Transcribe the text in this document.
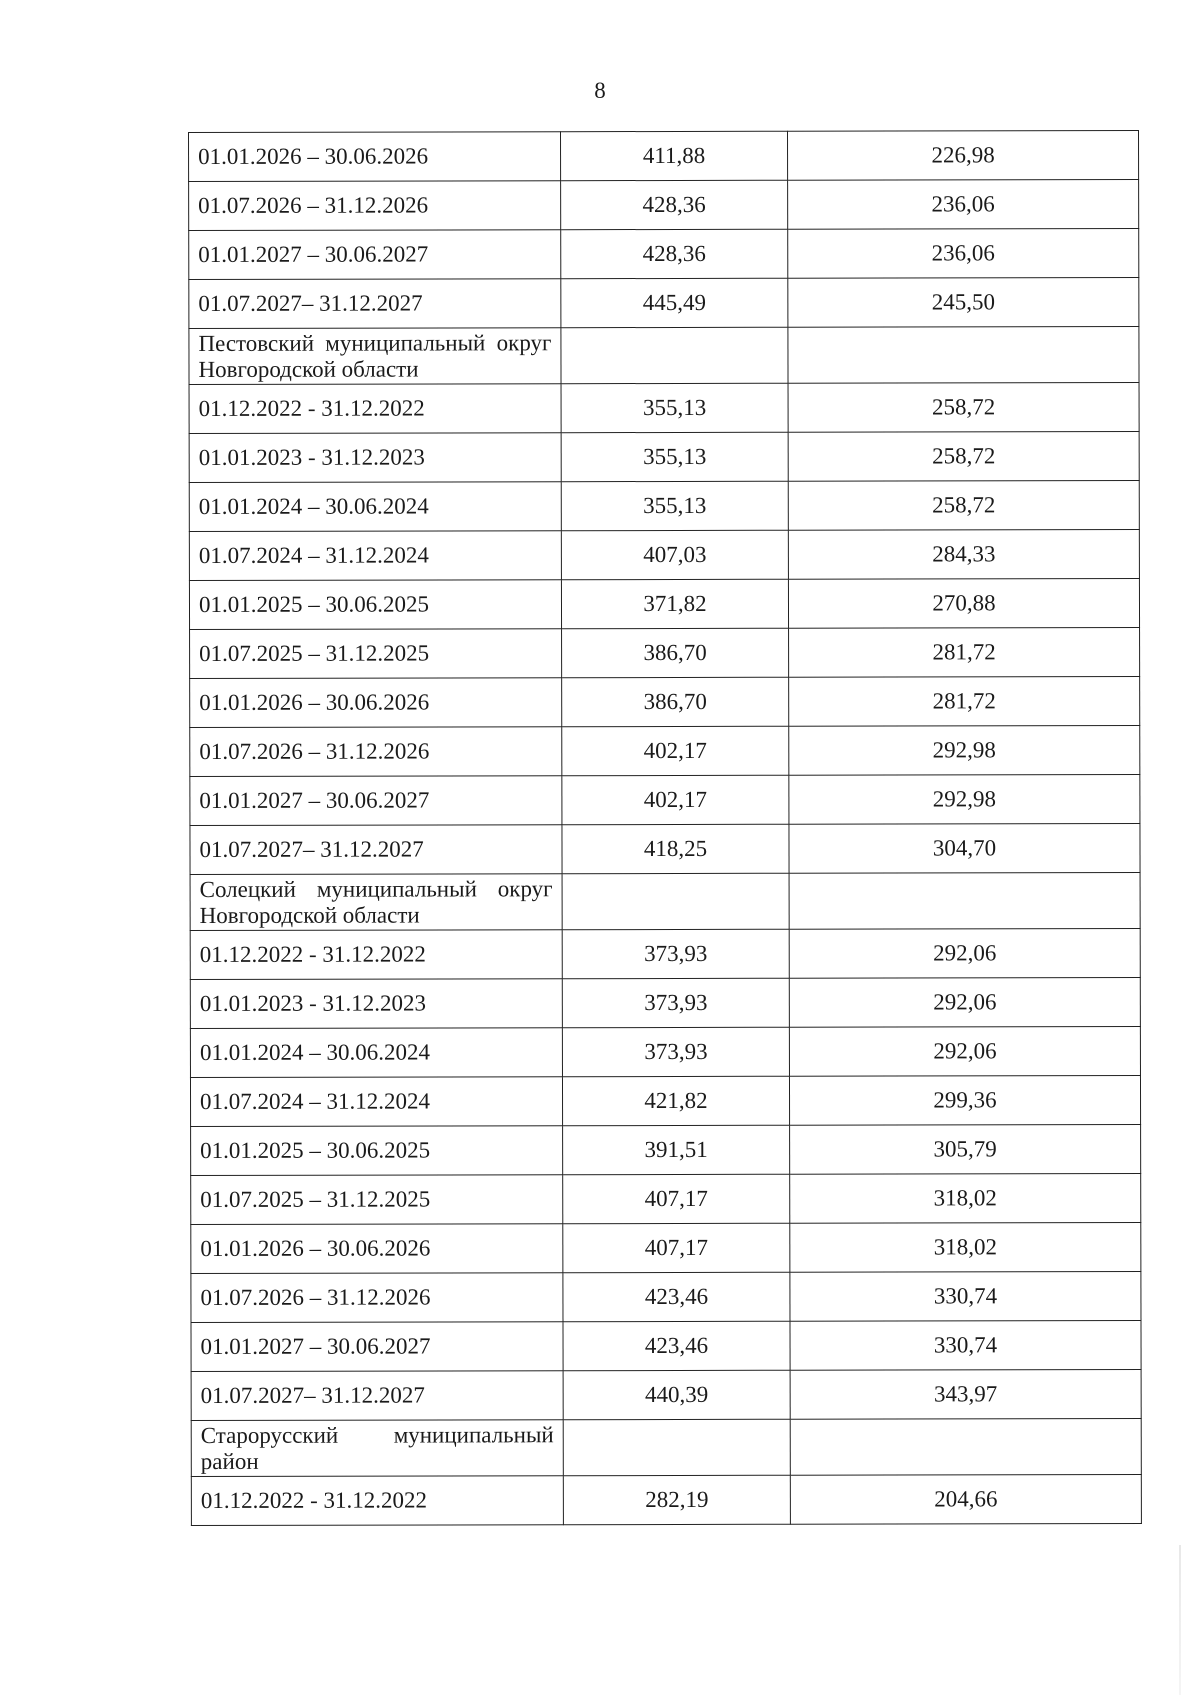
8
01.01.2026 – 30.06.2026	411,88	226,98
01.07.2026 – 31.12.2026	428,36	236,06
01.01.2027 – 30.06.2027	428,36	236,06
01.07.2027– 31.12.2027	445,49	245,50
Пестовский муниципальный округ Новгородской области		
01.12.2022 - 31.12.2022	355,13	258,72
01.01.2023 - 31.12.2023	355,13	258,72
01.01.2024 – 30.06.2024	355,13	258,72
01.07.2024 – 31.12.2024	407,03	284,33
01.01.2025 – 30.06.2025	371,82	270,88
01.07.2025 – 31.12.2025	386,70	281,72
01.01.2026 – 30.06.2026	386,70	281,72
01.07.2026 – 31.12.2026	402,17	292,98
01.01.2027 – 30.06.2027	402,17	292,98
01.07.2027– 31.12.2027	418,25	304,70
Солецкий муниципальный округ Новгородской области		
01.12.2022 - 31.12.2022	373,93	292,06
01.01.2023 - 31.12.2023	373,93	292,06
01.01.2024 – 30.06.2024	373,93	292,06
01.07.2024 – 31.12.2024	421,82	299,36
01.01.2025 – 30.06.2025	391,51	305,79
01.07.2025 – 31.12.2025	407,17	318,02
01.01.2026 – 30.06.2026	407,17	318,02
01.07.2026 – 31.12.2026	423,46	330,74
01.01.2027 – 30.06.2027	423,46	330,74
01.07.2027– 31.12.2027	440,39	343,97
Старорусский муниципальный район		
01.12.2022 - 31.12.2022	282,19	204,66
